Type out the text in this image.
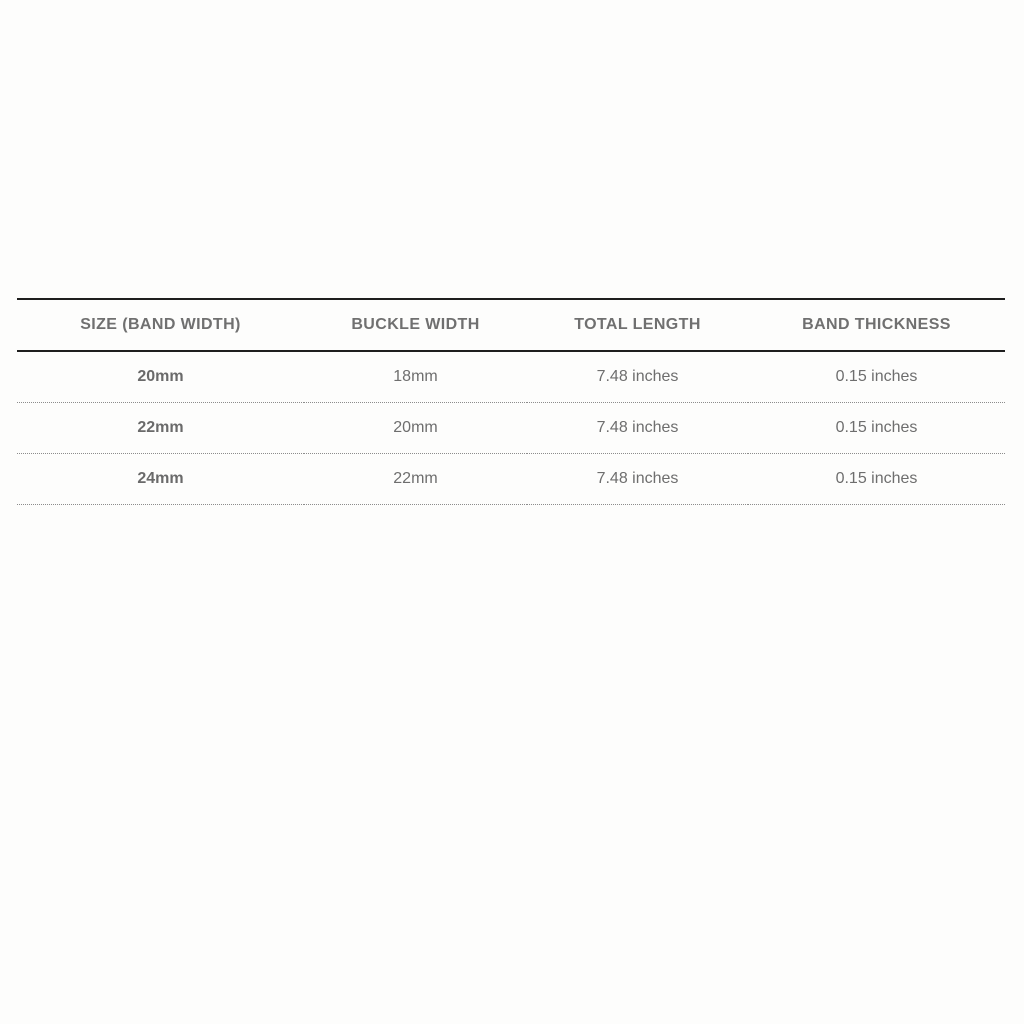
SIZE (BAND WIDTH)	BUCKLE WIDTH	TOTAL LENGTH	BAND THICKNESS
20mm	18mm	7.48 inches	0.15 inches
22mm	20mm	7.48 inches	0.15 inches
24mm	22mm	7.48 inches	0.15 inches
